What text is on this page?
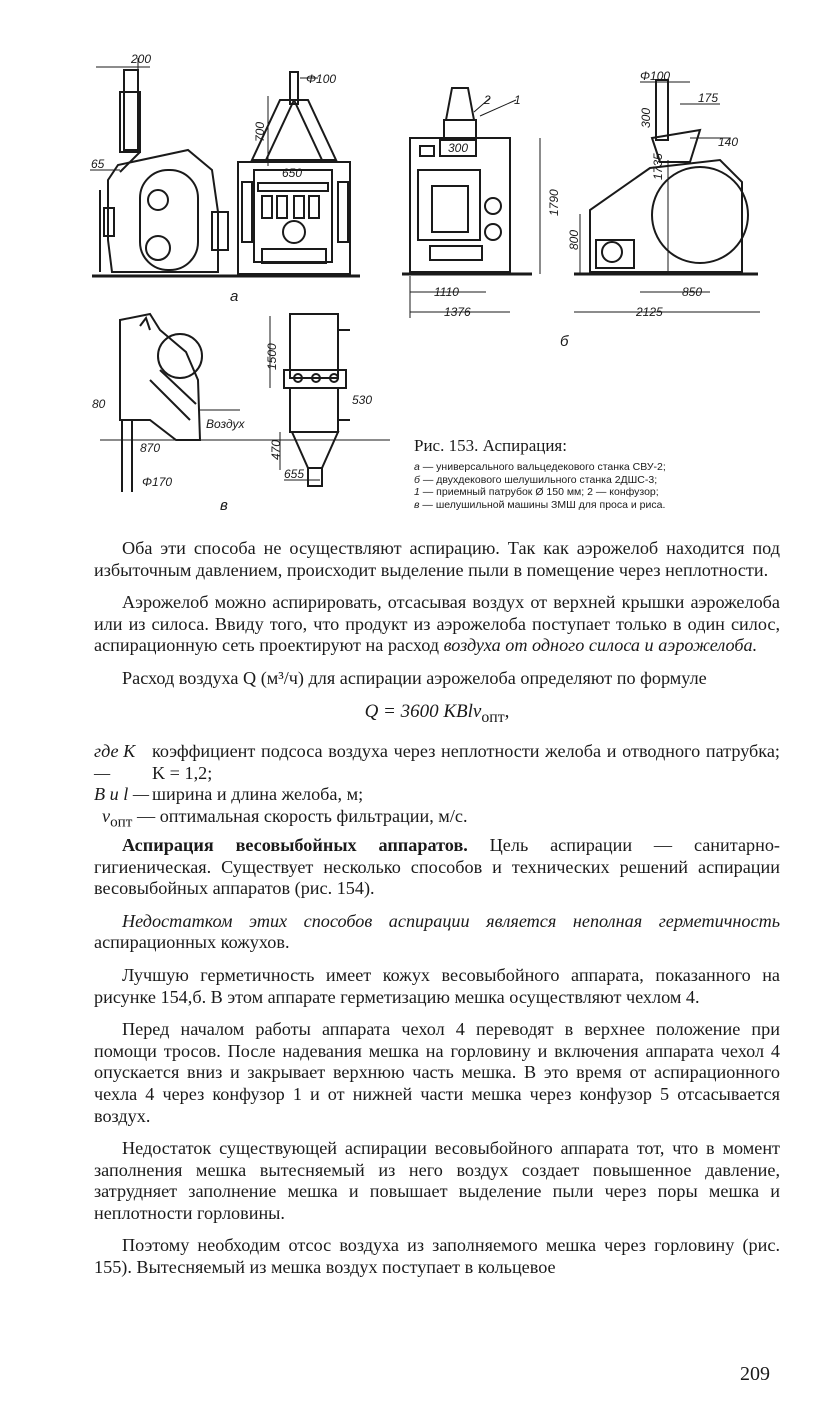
200
65
Φ100
700
650
а
2 1
300
1790
1110
1376
Φ100
175
300
140
1735
800
850
2125
б
80
Воздух
870
Φ170
в
1500
530
470
655

Рис. 153. Аспирация:

а — универсального вальцедекового станка СВУ-2;

б — двухдекового шелушильного станка 2ДШС-3;

1 — приемный патрубок Ø 150 мм; 2 — конфузор;

в — шелушильной машины ЗМШ для проса и риса.

Оба эти способа не осуществляют аспирацию. Так как аэрожелоб находится под избыточным давлением, происходит выделение пыли в помещение через неплотности.

Аэрожелоб можно аспирировать, отсасывая воздух от верхней крышки аэрожелоба или из силоса. Ввиду того, что продукт из аэрожелоба поступает только в один силос, аспирационную сеть проектируют на расход воздуха от одного силоса и аэрожелоба.

Расход воздуха Q (м³/ч) для аспирации аэрожелоба определяют по формуле

Q = 3600 KBlv$_{опт}$,
где K —
коэффициент подсоса воздуха через неплотности желоба и отводного патрубка; K = 1,2;
B и l — ширина и длина желоба, м;

$v_{опт}$ — оптимальная скорость фильтрации, м/с.

Аспирация весовыбойных аппаратов. Цель аспирации — санитарно-гигиеническая. Существует несколько способов и технических решений аспирации весовыбойных аппаратов (рис. 154).

Недостатком этих способов аспирации является неполная герметичность аспирационных кожухов.

Лучшую герметичность имеет кожух весовыбойного аппарата, показанного на рисунке 154,б. В этом аппарате герметизацию мешка осуществляют чехлом 4.

Перед началом работы аппарата чехол 4 переводят в верхнее положение при помощи тросов. После надевания мешка на горловину и включения аппарата чехол 4 опускается вниз и закрывает верхнюю часть мешка. В это время от аспирационного чехла 4 через конфузор 1 и от нижней части мешка через конфузор 5 отсасывается воздух.

Недостаток существующей аспирации весовыбойного аппарата тот, что в момент заполнения мешка вытесняемый из него воздух создает повышенное давление, затрудняет заполнение мешка и повышает выделение пыли через поры мешка и неплотности горловины.

Поэтому необходим отсос воздуха из заполняемого мешка через горловину (рис. 155). Вытесняемый из мешка воздух поступает в кольцевое

209
